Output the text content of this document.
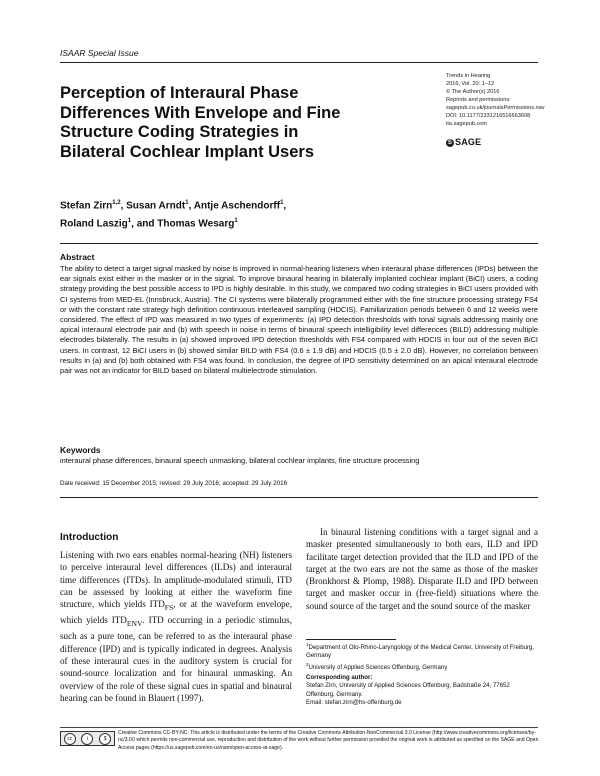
ISAAR Special Issue
Perception of Interaural Phase Differences With Envelope and Fine Structure Coding Strategies in Bilateral Cochlear Implant Users
Trends in Hearing
2016, Vol. 20: 1–12
© The Author(s) 2016
Reprints and permissions:
sagepub.co.uk/journalsPermissions.nav
DOI: 10.1177/2331216516663608
tia.sagepub.com
S SAGE
Stefan Zirn$^{1,2}$, Susan Arndt$^1$, Antje Aschendorff$^1$,
Roland Laszig$^1$, and Thomas Wesarg$^1$
Abstract
The ability to detect a target signal masked by noise is improved in normal-hearing listeners when interaural phase differences (IPDs) between the ear signals exist either in the masker or in the signal. To improve binaural hearing in bilaterally implanted cochlear implant (BiCI) users, a coding strategy providing the best possible access to IPD is highly desirable. In this study, we compared two coding strategies in BiCI users provided with CI systems from MED-EL (Innsbruck, Austria). The CI systems were bilaterally programmed either with the fine structure processing strategy FS4 or with the constant rate strategy high definition continuous interleaved sampling (HDCIS). Familiarization periods between 6 and 12 weeks were considered. The effect of IPD was measured in two types of experiments: (a) IPD detection thresholds with tonal signals addressing mainly one apical interaural electrode pair and (b) with speech in noise in terms of binaural speech intelligibility level differences (BILD) addressing multiple electrodes bilaterally. The results in (a) showed improved IPD detection thresholds with FS4 compared with HDCIS in four out of the seven BiCI users. In contrast, 12 BiCI users in (b) showed similar BILD with FS4 (0.6 ± 1.9 dB) and HDCIS (0.5 ± 2.0 dB). However, no correlation between results in (a) and (b) both obtained with FS4 was found. In conclusion, the degree of IPD sensitivity determined on an apical interaural electrode pair was not an indicator for BILD based on bilateral multielectrode stimulation.
Keywords
interaural phase differences, binaural speech unmasking, bilateral cochlear implants, fine structure processing
Date received: 15 December 2015; revised: 29 July 2016; accepted: 29 July 2016
Introduction
Listening with two ears enables normal-hearing (NH) listeners to perceive interaural level differences (ILDs) and interaural time differences (ITDs). In amplitude-modulated stimuli, ITD can be assessed by looking at either the waveform fine structure, which yields $ITD_{FS}$, or at the waveform envelope, which yields $ITD_{ENV}$. ITD occurring in a periodic stimulus, such as a pure tone, can be referred to as the interaural phase difference (IPD) and is typically indicated in degrees. Analysis of these interaural cues in the auditory system is crucial for sound-source localization and for binaural unmasking. An overview of the role of these signal cues in spatial and binaural hearing can be found in Blauert (1997).
In binaural listening conditions with a target signal and a masker presented simultaneously to both ears, ILD and IPD facilitate target detection provided that the ILD and IPD of the target at the two ears are not the same as those of the masker (Bronkhorst & Plomp, 1988). Disparate ILD and IPD between target and masker occur in (free-field) situations where the sound source of the target and the sound source of the masker
$^1$Department of Oto-Rhino-Laryngology of the Medical Center, University of Freiburg, Germany
$^2$University of Applied Sciences Offenburg, Germany
Corresponding author:
Stefan Zirn, University of Applied Sciences Offenburg, Badstraße 24, 77652 Offenburg, Germany.
Email: stefan.zirn@hs-offenburg.de
cc	i	$
Creative Commons CC-BY-NC: This article is distributed under the terms of the Creative Commons Attribution-NonCommercial 3.0 License (http://www.creativecommons.org/licenses/by-nc/3.0/) which permits non-commercial use, reproduction and distribution of the work without further permission provided the original work is attributed as specified on the SAGE and Open Access pages (https://us.sagepub.com/en-us/nam/open-access-at-sage).
